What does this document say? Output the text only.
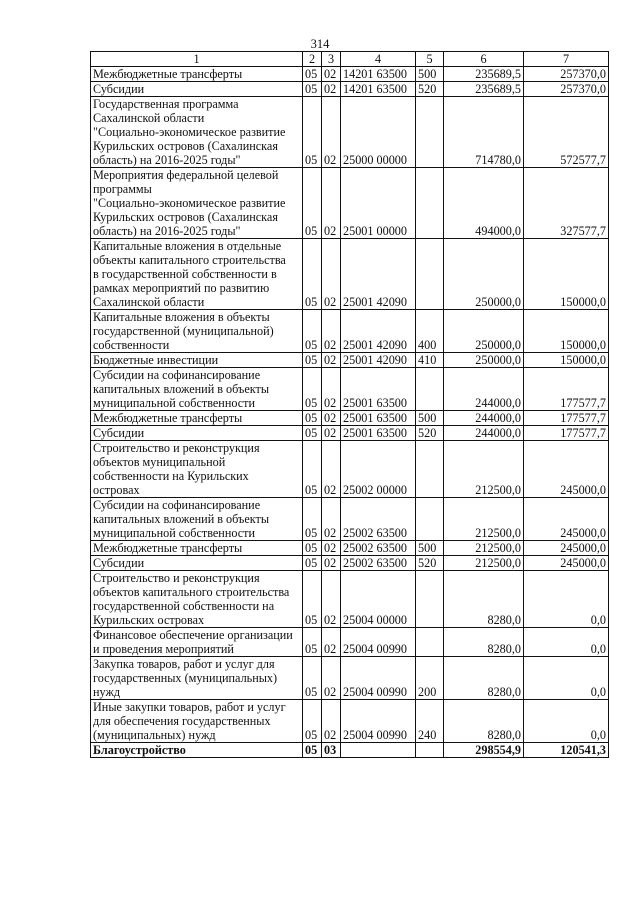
314
1	2	3	4	5	6	7
Межбюджетные трансферты	05	02	14201 63500	500	235689,5	257370,0
Субсидии	05	02	14201 63500	520	235689,5	257370,0
Государственная программа
Сахалинской области
"Социально-экономическое развитие
Курильских островов (Сахалинская
область) на 2016-2025 годы"	05	02	25000 00000		714780,0	572577,7
Мероприятия федеральной целевой
программы
"Социально-экономическое развитие
Курильских островов (Сахалинская
область) на 2016-2025 годы"	05	02	25001 00000		494000,0	327577,7
Капитальные вложения в отдельные
объекты капитального строительства
в государственной собственности в
рамках мероприятий по развитию
Сахалинской области	05	02	25001 42090		250000,0	150000,0
Капитальные вложения в объекты
государственной (муниципальной)
собственности	05	02	25001 42090	400	250000,0	150000,0
Бюджетные инвестиции	05	02	25001 42090	410	250000,0	150000,0
Субсидии на софинансирование
капитальных вложений в объекты
муниципальной собственности	05	02	25001 63500		244000,0	177577,7
Межбюджетные трансферты	05	02	25001 63500	500	244000,0	177577,7
Субсидии	05	02	25001 63500	520	244000,0	177577,7
Строительство и реконструкция
объектов муниципальной
собственности на Курильских
островах	05	02	25002 00000		212500,0	245000,0
Субсидии на софинансирование
капитальных вложений в объекты
муниципальной собственности	05	02	25002 63500		212500,0	245000,0
Межбюджетные трансферты	05	02	25002 63500	500	212500,0	245000,0
Субсидии	05	02	25002 63500	520	212500,0	245000,0
Строительство и реконструкция
объектов капитального строительства
государственной собственности на
Курильских островах	05	02	25004 00000		8280,0	0,0
Финансовое обеспечение организации
и проведения мероприятий	05	02	25004 00990		8280,0	0,0
Закупка товаров, работ и услуг для
государственных (муниципальных)
нужд	05	02	25004 00990	200	8280,0	0,0
Иные закупки товаров, работ и услуг
для обеспечения государственных
(муниципальных) нужд	05	02	25004 00990	240	8280,0	0,0
Благоустройство	05	03			298554,9	120541,3
